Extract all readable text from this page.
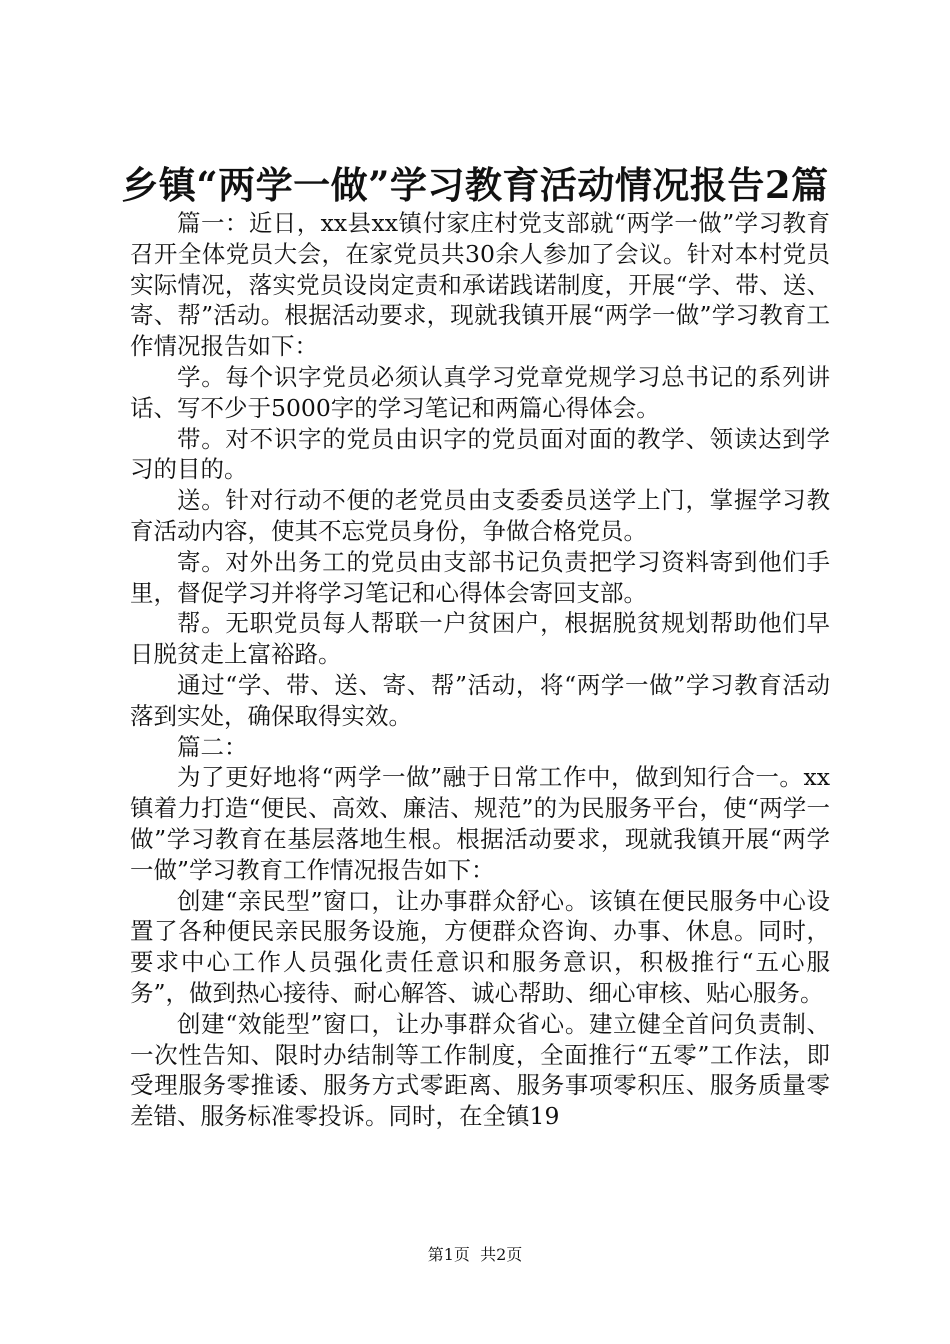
乡镇“两学一做”学习教育活动情况报告2篇

篇一：近日，xx县xx镇付家庄村党支部就“两学一做”学习教育召开全体党员大会，在家党员共30余人参加了会议。针对本村党员实际情况，落实党员设岗定责和承诺践诺制度，开展“学、带、送、寄、帮”活动。根据活动要求，现就我镇开展“两学一做”学习教育工作情况报告如下：

学。每个识字党员必须认真学习党章党规学习总书记的系列讲话、写不少于5000字的学习笔记和两篇心得体会。

带。对不识字的党员由识字的党员面对面的教学、领读达到学习的目的。

送。针对行动不便的老党员由支委委员送学上门，掌握学习教育活动内容，使其不忘党员身份，争做合格党员。

寄。对外出务工的党员由支部书记负责把学习资料寄到他们手里，督促学习并将学习笔记和心得体会寄回支部。

帮。无职党员每人帮联一户贫困户，根据脱贫规划帮助他们早日脱贫走上富裕路。

通过“学、带、送、寄、帮”活动，将“两学一做”学习教育活动落到实处，确保取得实效。

篇二：

为了更好地将“两学一做”融于日常工作中，做到知行合一。xx镇着力打造“便民、高效、廉洁、规范”的为民服务平台，使“两学一做”学习教育在基层落地生根。根据活动要求，现就我镇开展“两学一做”学习教育工作情况报告如下：

创建“亲民型”窗口，让办事群众舒心。该镇在便民服务中心设置了各种便民亲民服务设施，方便群众咨询、办事、休息。同时，要求中心工作人员强化责任意识和服务意识，积极推行“五心服务”，做到热心接待、耐心解答、诚心帮助、细心审核、贴心服务。

创建“效能型”窗口，让办事群众省心。建立健全首问负责制、一次性告知、限时办结制等工作制度，全面推行“五零”工作法，即受理服务零推诿、服务方式零距离、服务事项零积压、服务质量零差错、服务标准零投诉。同时，在全镇19

第1页 共2页
